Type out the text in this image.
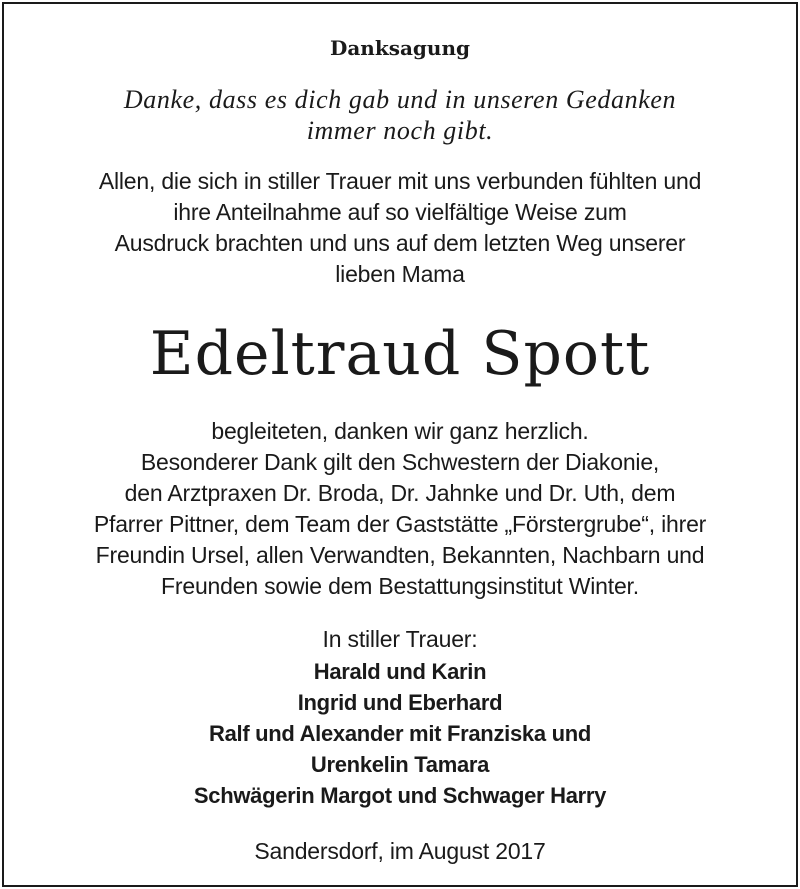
Danksagung

Danke, dass es dich gab und in unseren Gedanken
immer noch gibt.

Allen, die sich in stiller Trauer mit uns verbunden fühlten und
ihre Anteilnahme auf so vielfältige Weise zum
Ausdruck brachten und uns auf dem letzten Weg unserer
lieben Mama

Edeltraud Spott

begleiteten, danken wir ganz herzlich.
Besonderer Dank gilt den Schwestern der Diakonie,
den Arztpraxen Dr. Broda, Dr. Jahnke und Dr. Uth, dem
Pfarrer Pittner, dem Team der Gaststätte „Förstergrube“, ihrer
Freundin Ursel, allen Verwandten, Bekannten, Nachbarn und
Freunden sowie dem Bestattungsinstitut Winter.

In stiller Trauer:

Harald und Karin
Ingrid und Eberhard
Ralf und Alexander mit Franziska und
Urenkelin Tamara
Schwägerin Margot und Schwager Harry

Sandersdorf, im August 2017
